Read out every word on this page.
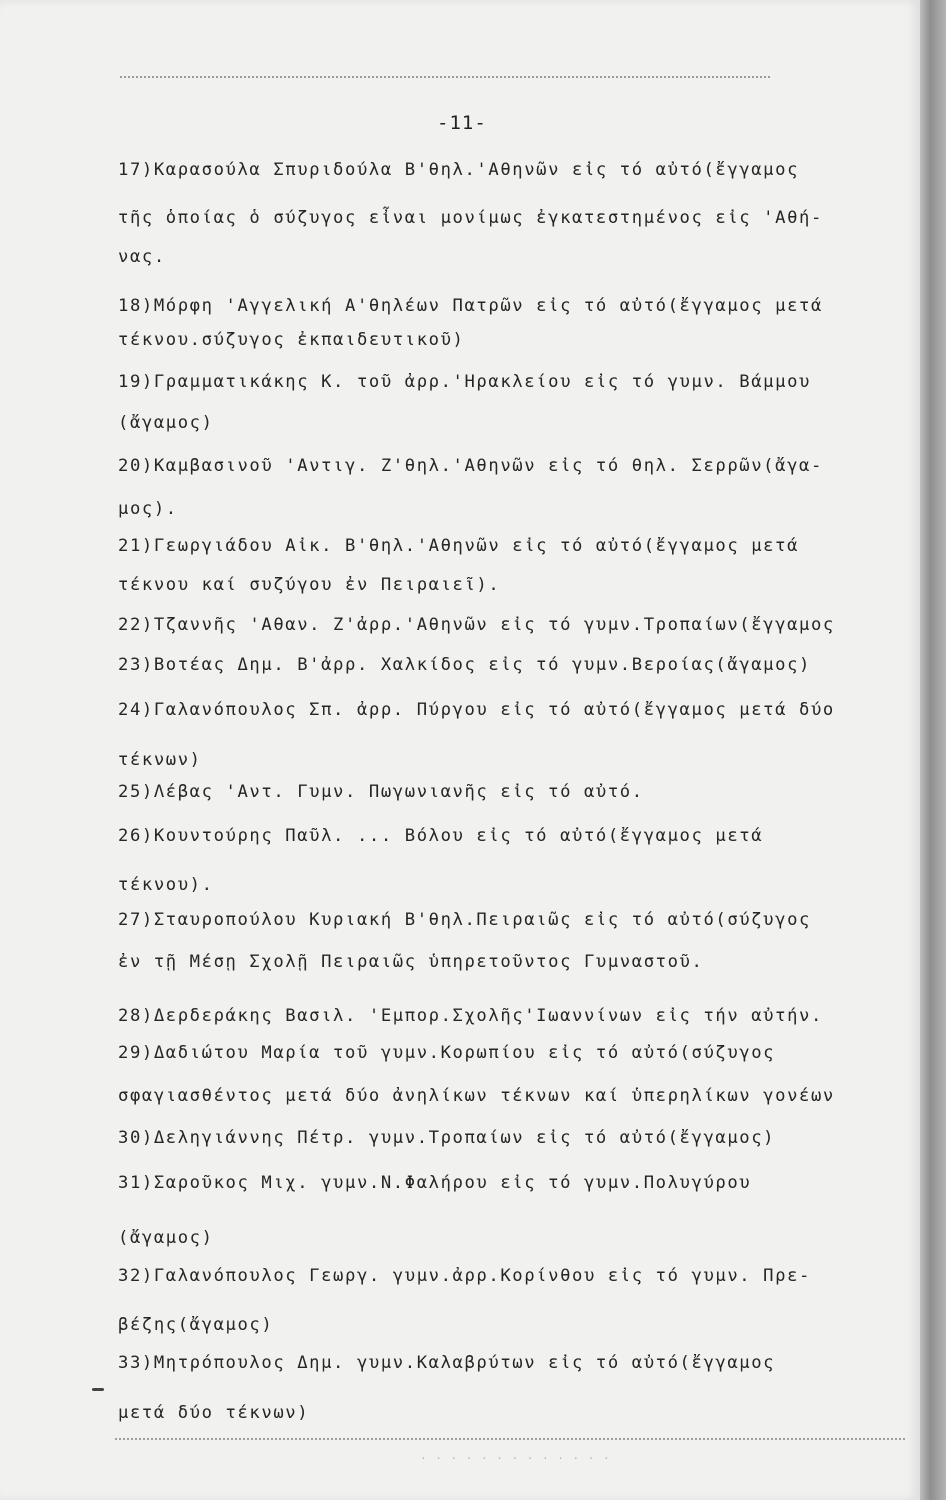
-11-
17)Καρασούλα Σπυριδούλα Β'θηλ.'Αθηνῶν εἰς τό αὐτό(ἔγγαμος
τῆς ὁποίας ὁ σύζυγος εἶναι μονίμως ἐγκατεστημένος εἰς 'Αθή-
νας.
18)Μόρφη 'Αγγελική Α'θηλέων Πατρῶν εἰς τό αὐτό(ἔγγαμος μετά
τέκνου.σύζυγος ἐκπαιδευτικοῦ)
19)Γραμματικάκης Κ. τοῦ ἀρρ.'Ηρακλείου εἰς τό γυμν. Βάμμου
(ἄγαμος)
20)Καμβασινοῦ 'Αντιγ. Ζ'θηλ.'Αθηνῶν εἰς τό θηλ. Σερρῶν(ἄγα-
μος).
21)Γεωργιάδου Αἰκ. Β'θηλ.'Αθηνῶν εἰς τό αὐτό(ἔγγαμος μετά
τέκνου καί συζύγου ἐν Πειραιεῖ).
22)Τζαννῆς 'Αθαν. Ζ'ἀρρ.'Αθηνῶν εἰς τό γυμν.Τροπαίων(ἔγγαμος
23)Βοτέας Δημ. Β'ἀρρ. Χαλκίδος εἰς τό γυμν.Βεροίας(ἄγαμος)
24)Γαλανόπουλος Σπ. ἀρρ. Πύργου εἰς τό αὐτό(ἔγγαμος μετά δύο
τέκνων)
25)Λέβας 'Αντ. Γυμν. Πωγωνιανῆς εἰς τό αὐτό.
26)Κουντούρης Παῦλ. ... Βόλου εἰς τό αὐτό(ἔγγαμος μετά
τέκνου).
27)Σταυροπούλου Κυριακή Β'θηλ.Πειραιῶς εἰς τό αὐτό(σύζυγος
ἐν τῇ Μέσῃ Σχολῇ Πειραιῶς ὑπηρετοῦντος Γυμναστοῦ.
28)Δερδεράκης Βασιλ. 'Εμπορ.Σχολῆς'Ιωαννίνων εἰς τήν αὐτήν.
29)Δαδιώτου Μαρία τοῦ γυμν.Κορωπίου εἰς τό αὐτό(σύζυγος
σφαγιασθέντος μετά δύο ἀνηλίκων τέκνων καί ὑπερηλίκων γονέων
30)Δεληγιάννης Πέτρ. γυμν.Τροπαίων εἰς τό αὐτό(ἔγγαμος)
31)Σαροῦκος Μιχ. γυμν.Ν.Φαλήρου εἰς τό γυμν.Πολυγύρου
(ἄγαμος)
32)Γαλανόπουλος Γεωργ. γυμν.ἀρρ.Κορίνθου εἰς τό γυμν. Πρε-
βέζης(ἄγαμος)
33)Μητρόπουλος Δημ. γυμν.Καλαβρύτων εἰς τό αὐτό(ἔγγαμος
μετά δύο τέκνων)
· · · · · · · · · · · · ·
